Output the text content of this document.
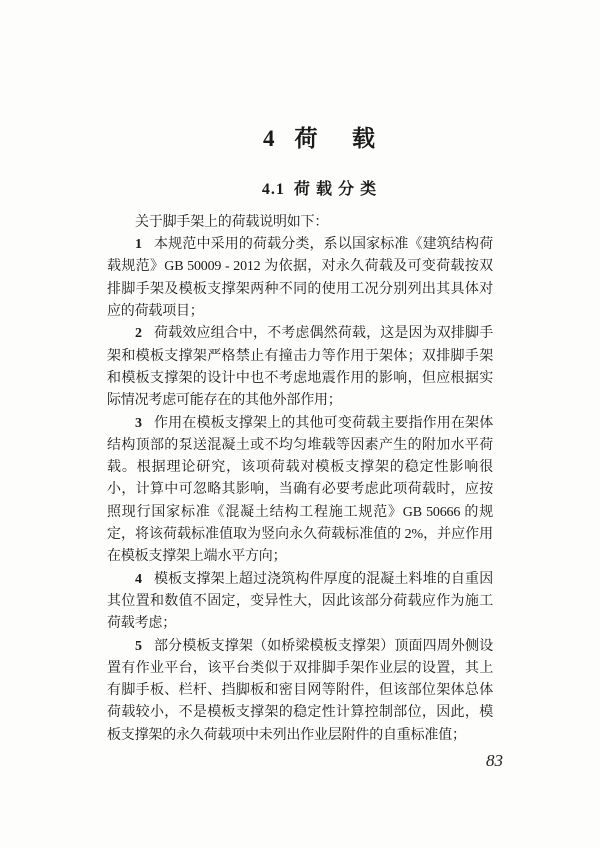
4 荷载
4.1 荷载分类

关于脚手架上的荷载说明如下：

1 本规范中采用的荷载分类，系以国家标准《建筑结构荷载规范》GB 50009 - 2012 为依据，对永久荷载及可变荷载按双排脚手架及模板支撑架两种不同的使用工况分别列出其具体对应的荷载项目；

2 荷载效应组合中，不考虑偶然荷载，这是因为双排脚手架和模板支撑架严格禁止有撞击力等作用于架体；双排脚手架和模板支撑架的设计中也不考虑地震作用的影响，但应根据实际情况考虑可能存在的其他外部作用；

3 作用在模板支撑架上的其他可变荷载主要指作用在架体结构顶部的泵送混凝土或不均匀堆载等因素产生的附加水平荷载。根据理论研究，该项荷载对模板支撑架的稳定性影响很小，计算中可忽略其影响，当确有必要考虑此项荷载时，应按照现行国家标准《混凝土结构工程施工规范》GB 50666 的规定，将该荷载标准值取为竖向永久荷载标准值的 2%，并应作用在模板支撑架上端水平方向；

4 模板支撑架上超过浇筑构件厚度的混凝土料堆的自重因其位置和数值不固定，变异性大，因此该部分荷载应作为施工荷载考虑；

5 部分模板支撑架（如桥梁模板支撑架）顶面四周外侧设置有作业平台，该平台类似于双排脚手架作业层的设置，其上有脚手板、栏杆、挡脚板和密目网等附件，但该部位架体总体荷载较小，不是模板支撑架的稳定性计算控制部位，因此，模板支撑架的永久荷载项中未列出作业层附件的自重标准值；

83
